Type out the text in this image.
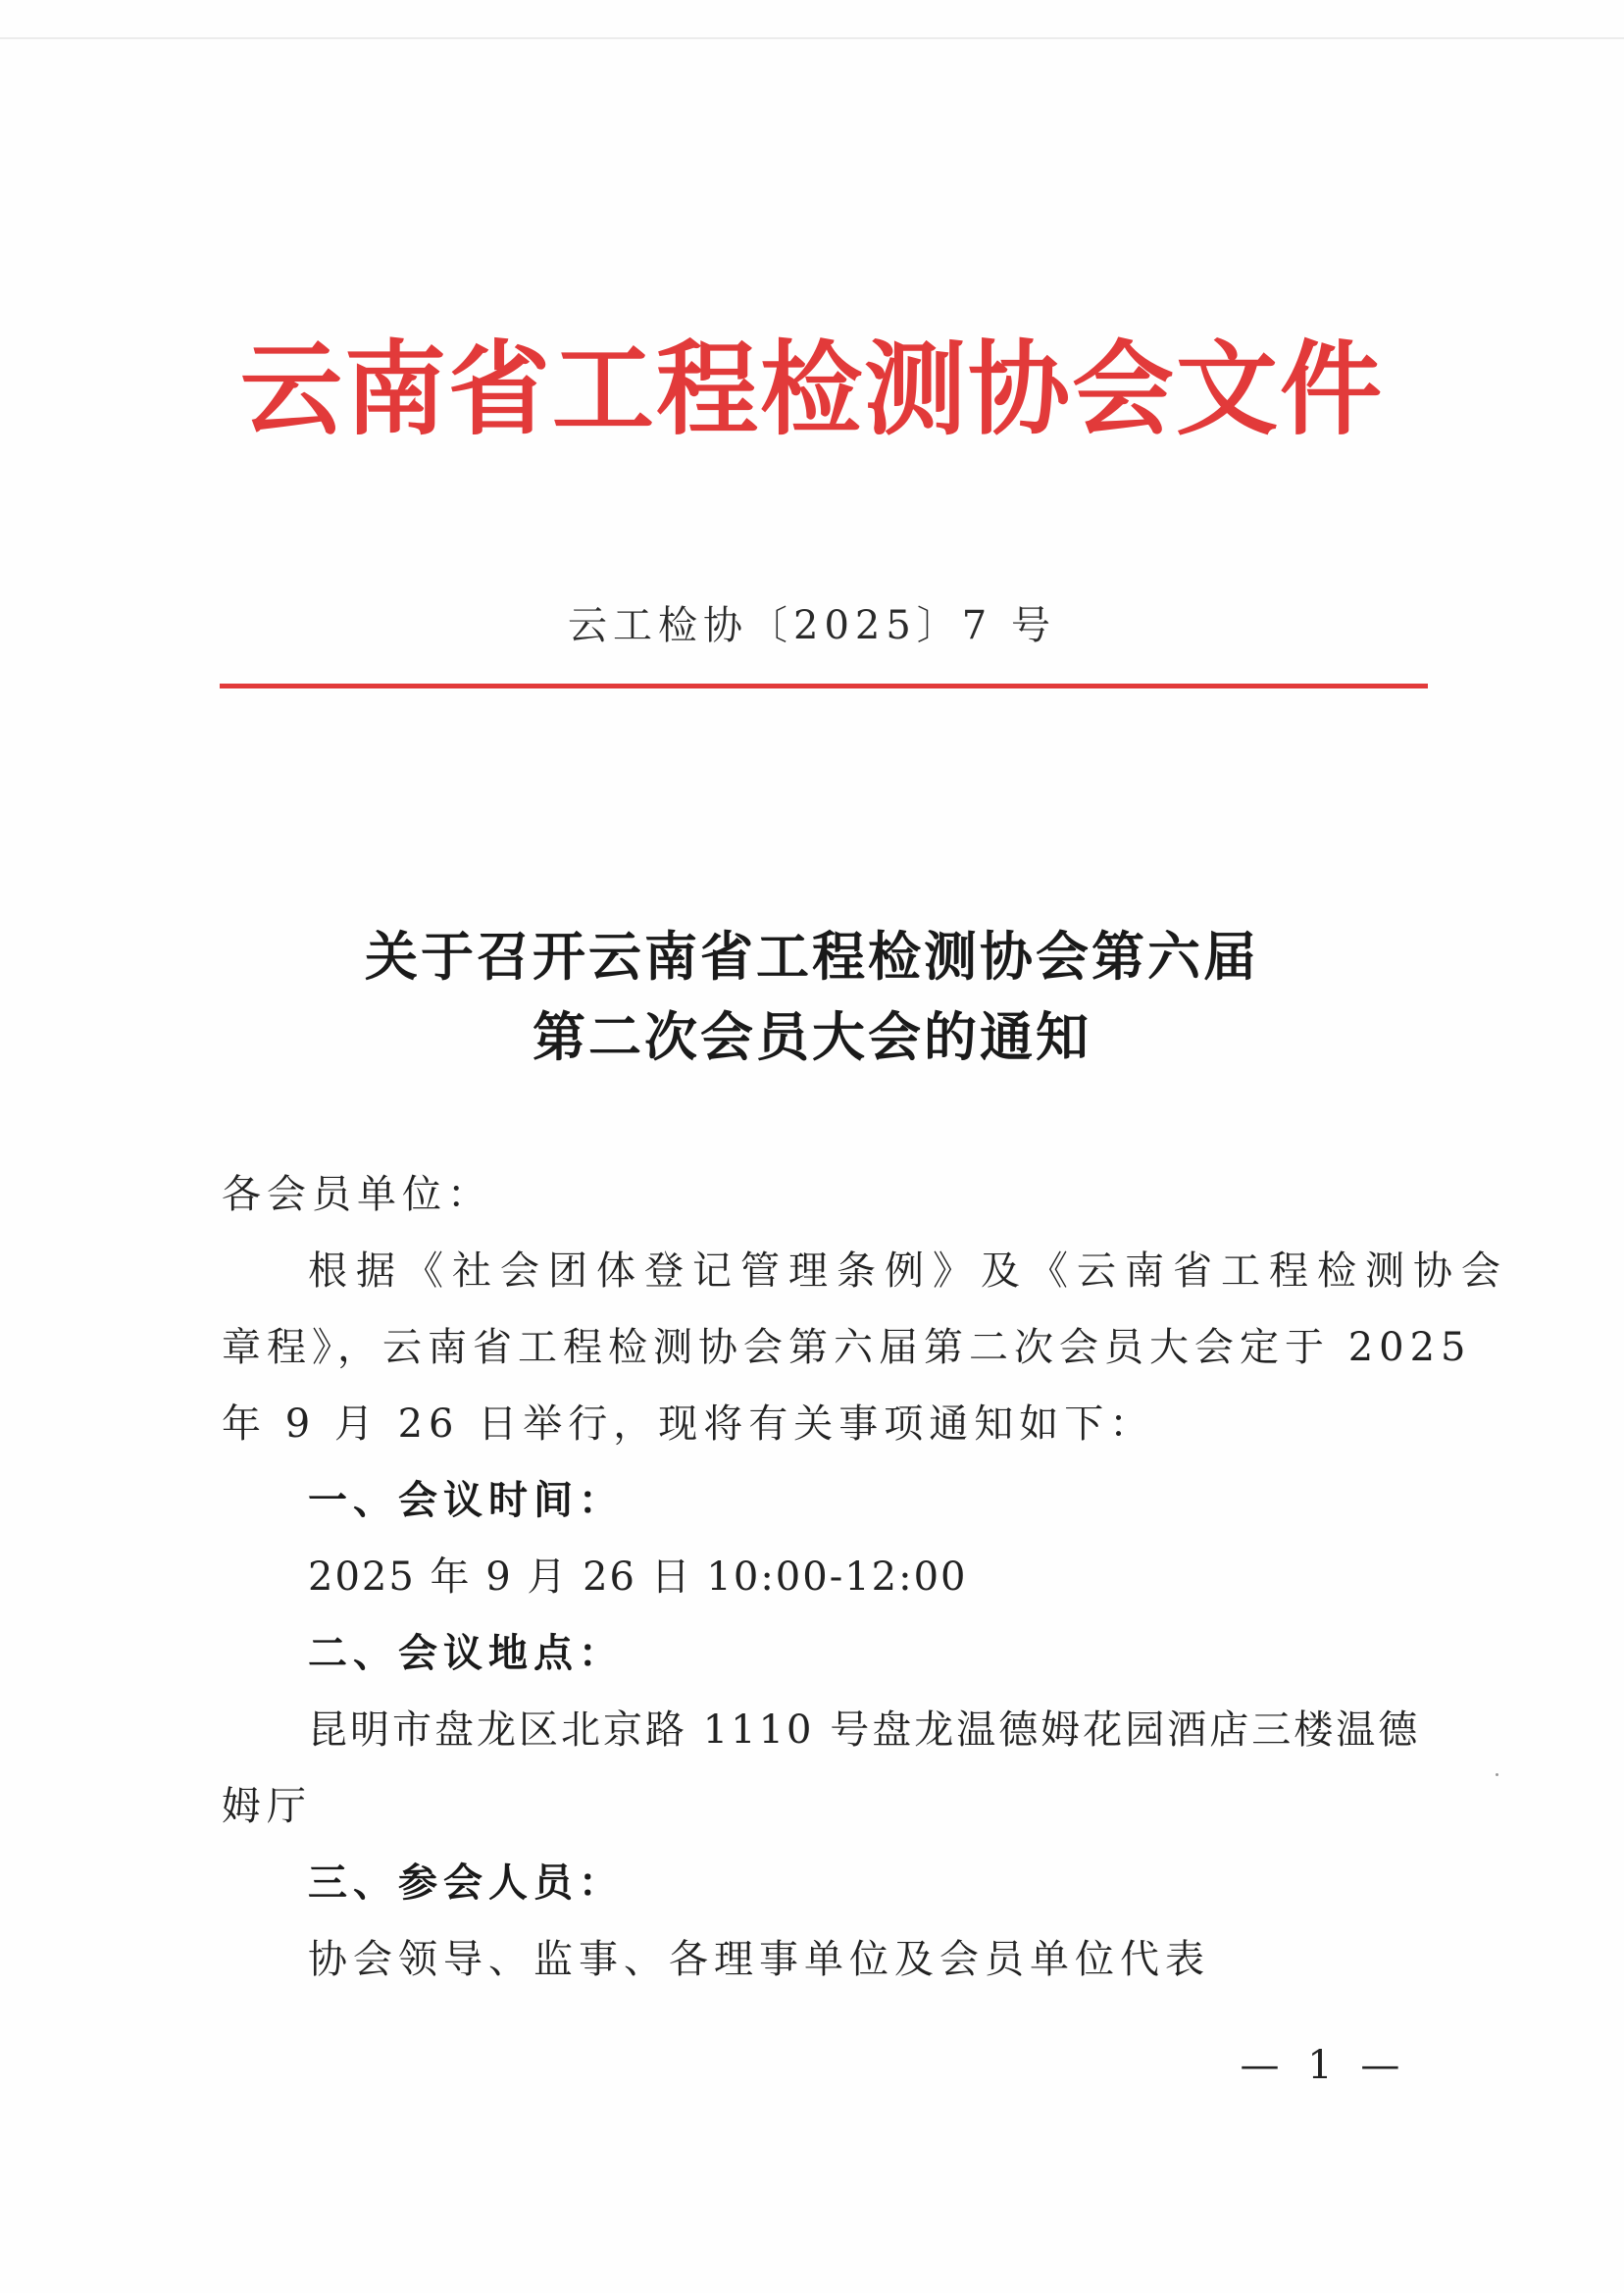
云南省工程检测协会文件
云工检协〔2025〕7 号
关于召开云南省工程检测协会第六届
第二次会员大会的通知
各会员单位：
根据《社会团体登记管理条例》及《云南省工程检测协会
章程》，云南省工程检测协会第六届第二次会员大会定于 2025
年 9 月 26 日举行，现将有关事项通知如下：
一、会议时间：
2025 年 9 月 26 日 10:00-12:00
二、会议地点：
昆明市盘龙区北京路 1110 号盘龙温德姆花园酒店三楼温德
姆厅
三、参会人员：
协会领导、监事、各理事单位及会员单位代表
— 1 —
